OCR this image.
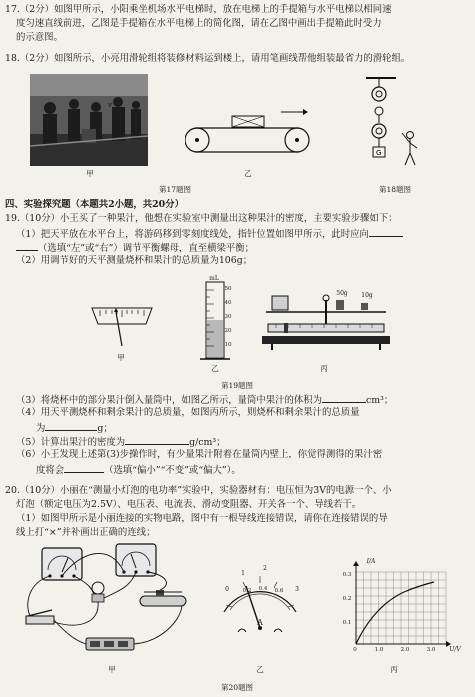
17.（2分）如图甲所示，小阳乘坐机场水平电梯时，放在电梯上的手提箱与水平电梯以相同速
度匀速直线前进，乙图是手提箱在水平电梯上的简化图，请在乙图中画出手提箱此时受力
的示意图。
18.（2分）如图所示，小亮用滑轮组将装修材料运到楼上，请用笔画线帮他组装最省力的滑轮组。
甲
v
乙
第17题图
G
第18题图
四、实验探究题（本题共2小题，共20分）
19.（10分）小王买了一种果汁，他想在实验室中测量出这种果汁的密度，主要实验步骤如下：
（1）把天平放在水平台上，将游码移到零刻度线处，指针位置如图甲所示，此时应向
（选填“左”或“右”）调节平衡螺母，直至横梁平衡；
（2）用调节好的天平测量烧杯和果汁的总质量为106g；
甲
mL
50
40
30
20
10
乙
50g	10g
丙
第19题图
（3）将烧杯中的部分果汁倒入量筒中，如图乙所示，量筒中果汁的体积为	cm³；
（4）用天平测烧杯和剩余果汁的总质量，如图丙所示，则烧杯和剩余果汁的总质量
为	g；
（5）计算出果汁的密度为	g/cm³；
（6）小王发现上述第(3)步操作时，有少量果汁附着在量筒内壁上，你觉得测得的果汁密
度将会	（选填“偏小”“不变”或“偏大”）。
20.（10分）小丽在“测量小灯泡的电功率”实验中，实验器材有：电压恒为3V的电源一个、小
灯泡（额定电压为2.5V）、电压表、电流表、滑动变阻器、开关各一个、导线若干。
（1）如图甲所示是小丽连接的实物电路，图中有一根导线连接错误，请你在连接错误的导
线上打“×”并补画出正确的连线；
甲
0
1
2
3
0.2	0.4	0.6
A
乙
I/A
U/V
0.3
0.2
0.1
0	1.0	2.0	3.0
丙
第20题图
